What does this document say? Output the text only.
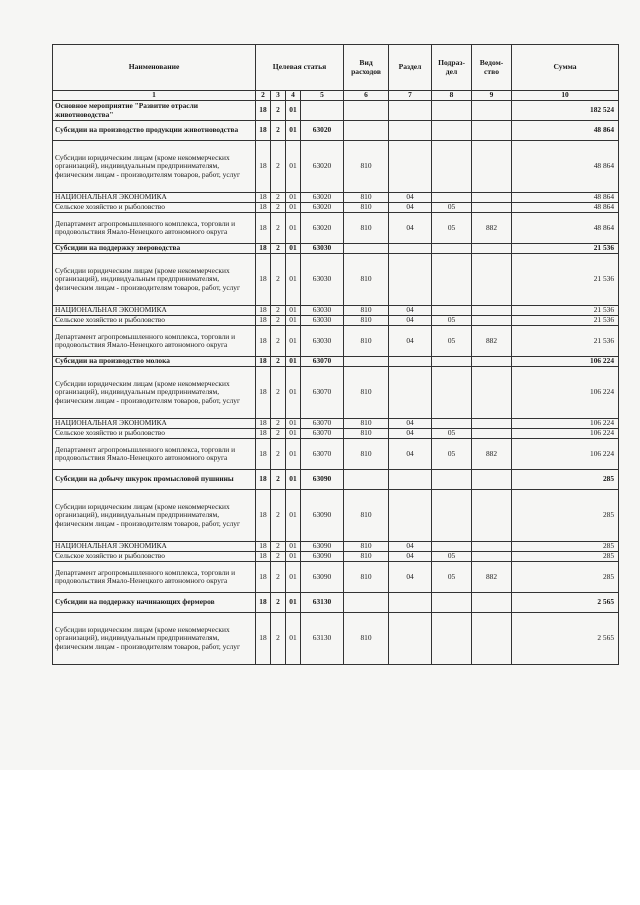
Наименование	Целевая статья				Вид расходов	Раздел	Подраз-дел	Ведом-ство	Сумма
1	2	3	4	5	6	7	8	9	10
Основное мероприятие "Развитие отрасли животноводства"	18	2	01						182 524
Субсидии на производство продукции животноводства	18	2	01	63020					48 864
Субсидии юридическим лицам (кроме некоммерческих организаций), индивидуальным предпринимателям, физическим лицам - производителям товаров, работ, услуг	18	2	01	63020	810				48 864
НАЦИОНАЛЬНАЯ ЭКОНОМИКА	18	2	01	63020	810	04			48 864
Сельское хозяйство и рыболовство	18	2	01	63020	810	04	05		48 864
Департамент агропромышленного комплекса, торговли и продовольствия Ямало-Ненецкого автономного округа	18	2	01	63020	810	04	05	882	48 864
Субсидии на поддержку звероводства	18	2	01	63030					21 536
Субсидии юридическим лицам (кроме некоммерческих организаций), индивидуальным предпринимателям, физическим лицам - производителям товаров, работ, услуг	18	2	01	63030	810				21 536
НАЦИОНАЛЬНАЯ ЭКОНОМИКА	18	2	01	63030	810	04			21 536
Сельское хозяйство и рыболовство	18	2	01	63030	810	04	05		21 536
Департамент агропромышленного комплекса, торговли и продовольствия Ямало-Ненецкого автономного округа	18	2	01	63030	810	04	05	882	21 536
Субсидии на производство молока	18	2	01	63070					106 224
Субсидии юридическим лицам (кроме некоммерческих организаций), индивидуальным предпринимателям, физическим лицам - производителям товаров, работ, услуг	18	2	01	63070	810				106 224
НАЦИОНАЛЬНАЯ ЭКОНОМИКА	18	2	01	63070	810	04			106 224
Сельское хозяйство и рыболовство	18	2	01	63070	810	04	05		106 224
Департамент агропромышленного комплекса, торговли и продовольствия Ямало-Ненецкого автономного округа	18	2	01	63070	810	04	05	882	106 224
Субсидии на добычу шкурок промысловой пушнины	18	2	01	63090					285
Субсидии юридическим лицам (кроме некоммерческих организаций), индивидуальным предпринимателям, физическим лицам - производителям товаров, работ, услуг	18	2	01	63090	810				285
НАЦИОНАЛЬНАЯ ЭКОНОМИКА	18	2	01	63090	810	04			285
Сельское хозяйство и рыболовство	18	2	01	63090	810	04	05		285
Департамент агропромышленного комплекса, торговли и продовольствия Ямало-Ненецкого автономного округа	18	2	01	63090	810	04	05	882	285
Субсидии на поддержку начинающих фермеров	18	2	01	63130					2 565
Субсидии юридическим лицам (кроме некоммерческих организаций), индивидуальным предпринимателям, физическим лицам - производителям товаров, работ, услуг	18	2	01	63130	810				2 565
